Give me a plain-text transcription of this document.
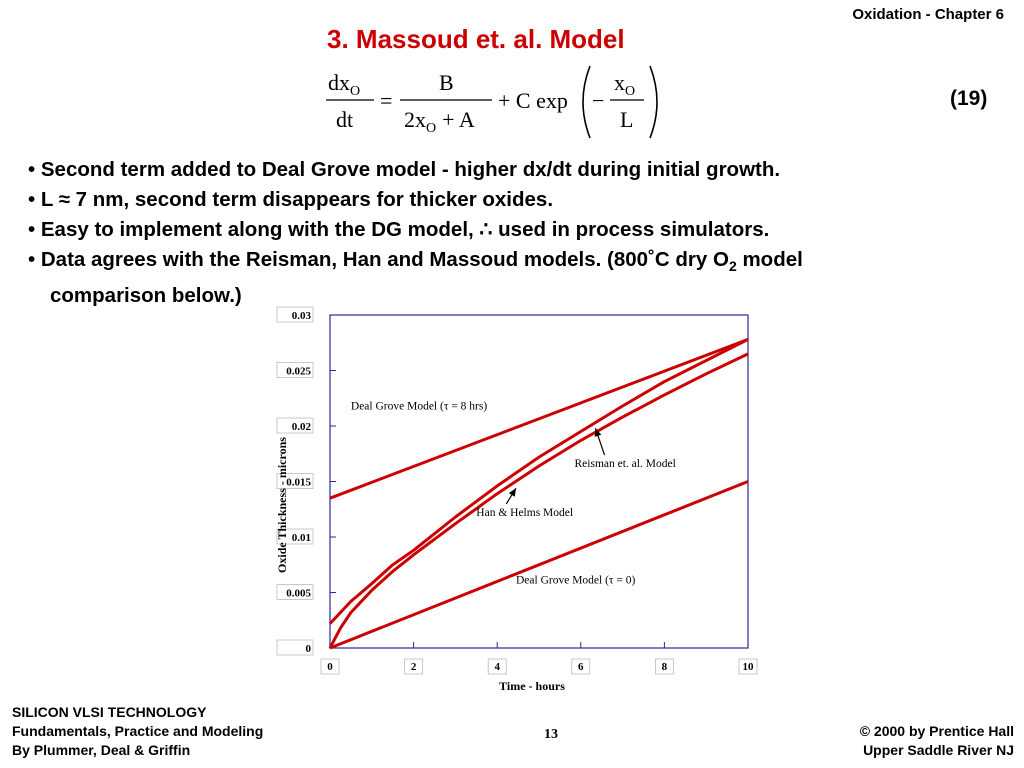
Oxidation - Chapter 6
3. Massoud et. al. Model
$dx_O$
dt
=
B
$2x_O + A$
+ C exp −
$x_O$
L
(19)
• Second term added to Deal Grove model - higher dx/dt during initial growth.
• L ≈ 7 nm, second term disappears for thicker oxides.
• Easy to implement along with the DG model, ∴ used in process simulators.
• Data agrees with the Reisman, Han and Massoud models. (800˚C dry $O_2$ model
comparison below.)
0
0.005
0.01
0.015
0.02
0.025
0.03
0	2	4	6	8	10
Deal Grove Model (τ = 8 hrs)
Reisman et. al. Model
Han & Helms Model
Deal Grove Model (τ = 0)
Time - hours
Oxide Thickness - microns
SILICON VLSI TECHNOLOGY
Fundamentals, Practice and Modeling
By Plummer, Deal & Griffin
13	© 2000 by Prentice Hall
Upper Saddle River NJ
